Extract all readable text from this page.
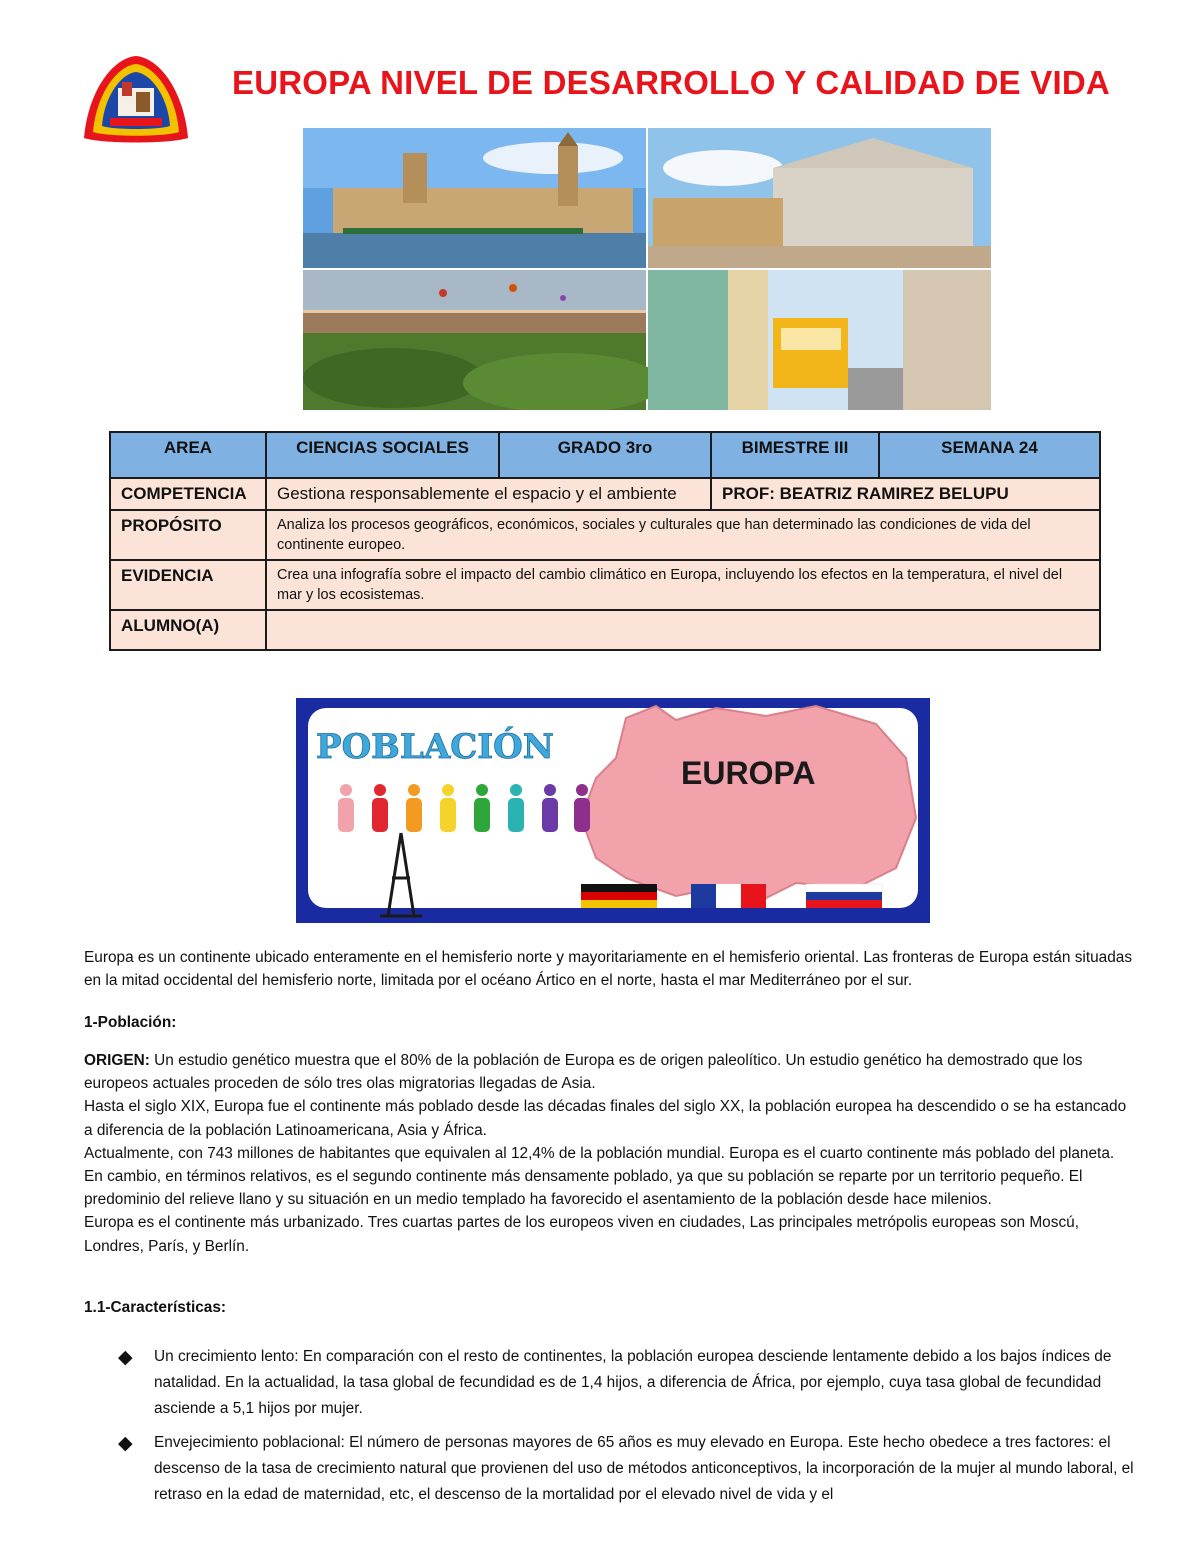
EUROPA NIVEL DE DESARROLLO Y CALIDAD DE VIDA
AREA	CIENCIAS SOCIALES	GRADO 3ro	BIMESTRE III	SEMANA 24
COMPETENCIA	Gestiona responsablemente el espacio y el ambiente		PROF: BEATRIZ RAMIREZ BELUPU	
PROPÓSITO	Analiza los procesos geográficos, económicos, sociales y culturales que han determinado las condiciones de vida del continente europeo.			
EVIDENCIA	Crea una infografía sobre el impacto del cambio climático en Europa, incluyendo los efectos en la temperatura, el nivel del mar y los ecosistemas.			
ALUMNO(A)				
POBLACIÓN
EUROPA

Europa es un continente ubicado enteramente en el hemisferio norte y mayoritariamente en el hemisferio oriental. Las fronteras de Europa están situadas en la mitad occidental del hemisferio norte, limitada por el océano Ártico en el norte, hasta el mar Mediterráneo por el sur.

1-Población:

ORIGEN: Un estudio genético muestra que el 80% de la población de Europa es de origen paleolítico. Un estudio genético ha demostrado que los europeos actuales proceden de sólo tres olas migratorias llegadas de Asia.

Hasta el siglo XIX, Europa fue el continente más poblado desde las décadas finales del siglo XX, la población europea ha descendido o se ha estancado a diferencia de la población Latinoamericana, Asia y África.

Actualmente, con 743 millones de habitantes que equivalen al 12,4% de la población mundial. Europa es el cuarto continente más poblado del planeta. En cambio, en términos relativos, es el segundo continente más densamente poblado, ya que su población se reparte por un territorio pequeño. El predominio del relieve llano y su situación en un medio templado ha favorecido el asentamiento de la población desde hace milenios.

Europa es el continente más urbanizado. Tres cuartas partes de los europeos viven en ciudades, Las principales metrópolis europeas son Moscú, Londres, París, y Berlín.

1.1-Características:
◆ Un crecimiento lento: En comparación con el resto de continentes, la población europea desciende lentamente debido a los bajos índices de natalidad. En la actualidad, la tasa global de fecundidad es de 1,4 hijos, a diferencia de África, por ejemplo, cuya tasa global de fecundidad asciende a 5,1 hijos por mujer.
◆ Envejecimiento poblacional: El número de personas mayores de 65 años es muy elevado en Europa. Este hecho obedece a tres factores: el descenso de la tasa de crecimiento natural que provienen del uso de métodos anticonceptivos, la incorporación de la mujer al mundo laboral, el retraso en la edad de maternidad, etc, el descenso de la mortalidad por el elevado nivel de vida y el
